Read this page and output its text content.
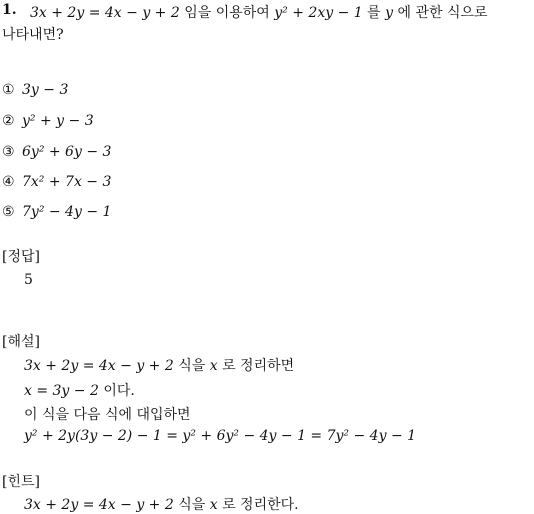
1. 3x + 2y = 4x − y + 2 임을 이용하여 y² + 2xy − 1 를 y 에 관한 식으로
나타내면?
① 3y − 3
② y² + y − 3
③ 6y² + 6y − 3
④ 7x² + 7x − 3
⑤ 7y² − 4y − 1
[정답]
5
[해설]
3x + 2y = 4x − y + 2 식을 x 로 정리하면
x = 3y − 2 이다.
이 식을 다음 식에 대입하면
y² + 2y(3y − 2) − 1 = y² + 6y² − 4y − 1 = 7y² − 4y − 1
[힌트]
3x + 2y = 4x − y + 2 식을 x 로 정리한다.
